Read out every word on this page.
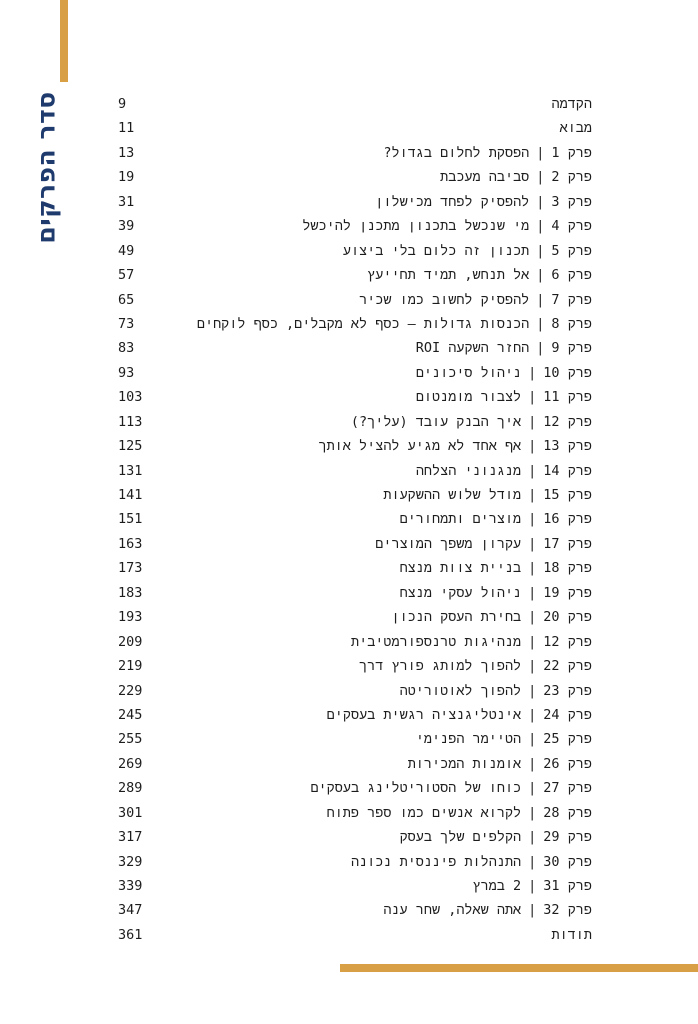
סדר הפרקים	9	הקדמה
11	מבוא
13	פרק 1|הפסקת לחלום בגדול?
19	פרק 2|סביבה מעכבת
31	פרק 3|להפסיק לפחד מכישלון
39	פרק 4|מי שנכשל בתכנון מתכנן להיכשל
49	פרק 5|תכנון זה כלום בלי ביצוע
57	פרק 6|אל תנחש, תמיד תחייעץ
65	פרק 7|להפסיק לחשוב כמו שכיר
73	פרק 8|הכנסות גדולות – כסף לא מקבלים, כסף לוקחים
83	פרק 9|החזר השקעה ROI
93	פרק 10|ניהול סיכונים
103	פרק 11|לצבור מומנטום
113	פרק 12|איך הבנק עובד (עליך?)
125	פרק 13|אף אחד לא מגיע להציל אותך
131	פרק 14|מנגנוני הצלחה
141	פרק 15|מודל שלוש ההשקעות
151	פרק 16|מוצרים ותמחורים
163	פרק 17|עקרון משפך המוצרים
173	פרק 18|בניית צוות מנצח
183	פרק 19|ניהול עסקי מנצח
193	פרק 20|בחירת העסק הנכון
209	פרק 12|מנהיגות טרנספורמטיבית
219	פרק 22|להפוך למותג פורץ דרך
229	פרק 23|להפוך לאוטוריטה
245	פרק 24|אינטליגנציה רגשית בעסקים
255	פרק 25|הטיימר הפנימי
269	פרק 26|אומנות המכירות
289	פרק 27|כוחו של הסטוריטלינג בעסקים
301	פרק 28|לקרוא אנשים כמו ספר פתוח
317	פרק 29|הקלפים שלך בעסק
329	פרק 30|התנהלות פיננסית נכונה
339	פרק 31|2 במרץ
347	פרק 32|אתה שאלה, שחר ענה
361	תודות
